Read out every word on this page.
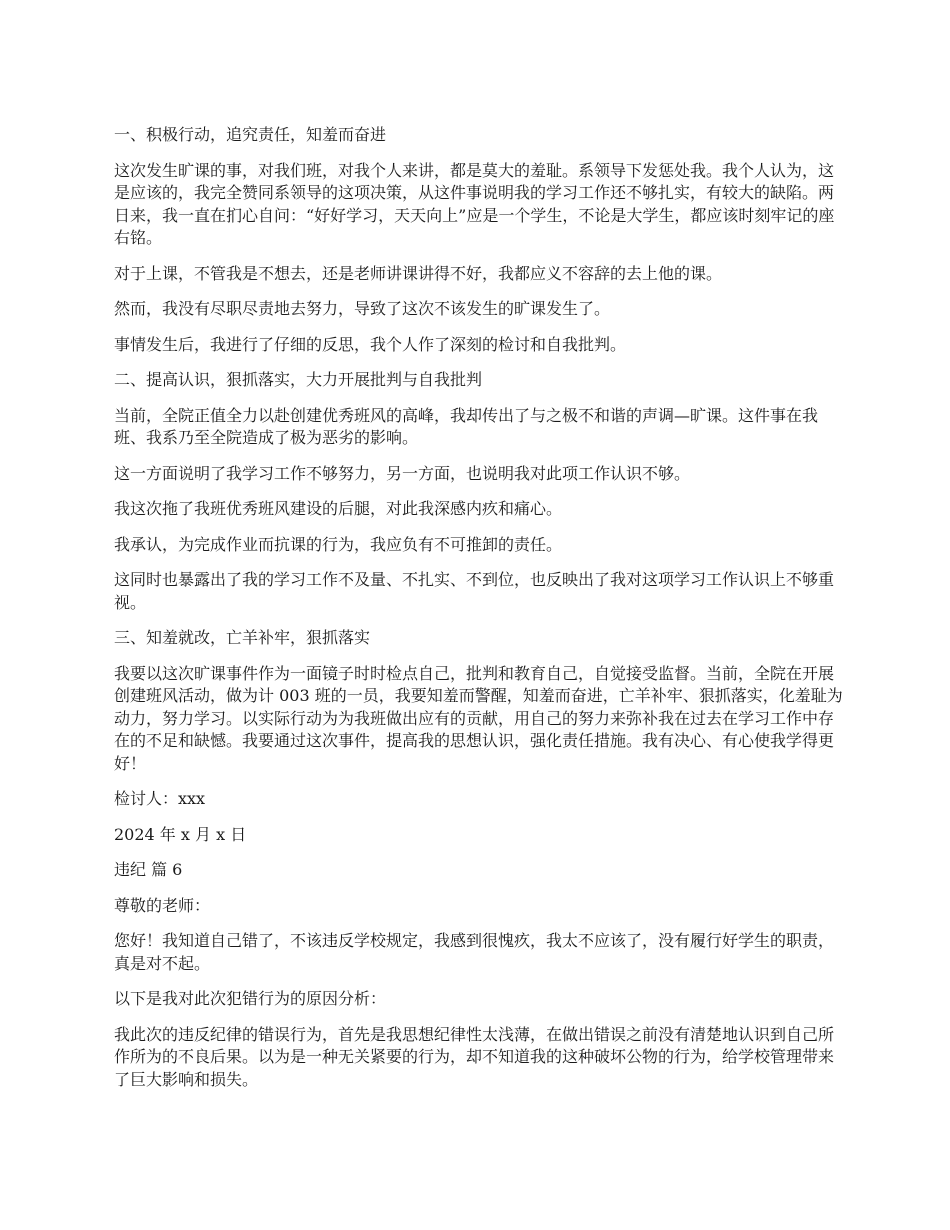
一、积极行动，追究责任，知羞而奋进

这次发生旷课的事，对我们班，对我个人来讲，都是莫大的羞耻。系领导下发惩处我。我个人认为，这是应该的，我完全赞同系领导的这项决策，从这件事说明我的学习工作还不够扎实，有较大的缺陷。两日来，我一直在扪心自问：“好好学习，天天向上”应是一个学生，不论是大学生，都应该时刻牢记的座右铭。

对于上课，不管我是不想去，还是老师讲课讲得不好，我都应义不容辞的去上他的课。

然而，我没有尽职尽责地去努力，导致了这次不该发生的旷课发生了。

事情发生后，我进行了仔细的反思，我个人作了深刻的检讨和自我批判。

二、提高认识，狠抓落实，大力开展批判与自我批判

当前，全院正值全力以赴创建优秀班风的高峰，我却传出了与之极不和谐的声调—旷课。这件事在我班、我系乃至全院造成了极为恶劣的影响。

这一方面说明了我学习工作不够努力，另一方面，也说明我对此项工作认识不够。

我这次拖了我班优秀班风建设的后腿，对此我深感内疚和痛心。

我承认，为完成作业而抗课的行为，我应负有不可推卸的责任。

这同时也暴露出了我的学习工作不及量、不扎实、不到位，也反映出了我对这项学习工作认识上不够重视。

三、知羞就改，亡羊补牢，狠抓落实

我要以这次旷课事件作为一面镜子时时检点自己，批判和教育自己，自觉接受监督。当前，全院在开展创建班风活动，做为计 003 班的一员，我要知羞而警醒，知羞而奋进，亡羊补牢、狠抓落实，化羞耻为动力，努力学习。以实际行动为为我班做出应有的贡献，用自己的努力来弥补我在过去在学习工作中存在的不足和缺憾。我要通过这次事件，提高我的思想认识，强化责任措施。我有决心、有心使我学得更好！

检讨人：xxx

2024 年 x 月 x 日

违纪 篇 6

尊敬的老师：

您好！我知道自己错了，不该违反学校规定，我感到很愧疚，我太不应该了，没有履行好学生的职责，真是对不起。

以下是我对此次犯错行为的原因分析：

我此次的违反纪律的错误行为，首先是我思想纪律性太浅薄，在做出错误之前没有清楚地认识到自己所作所为的不良后果。以为是一种无关紧要的行为，却不知道我的这种破坏公物的行为，给学校管理带来了巨大影响和损失。
